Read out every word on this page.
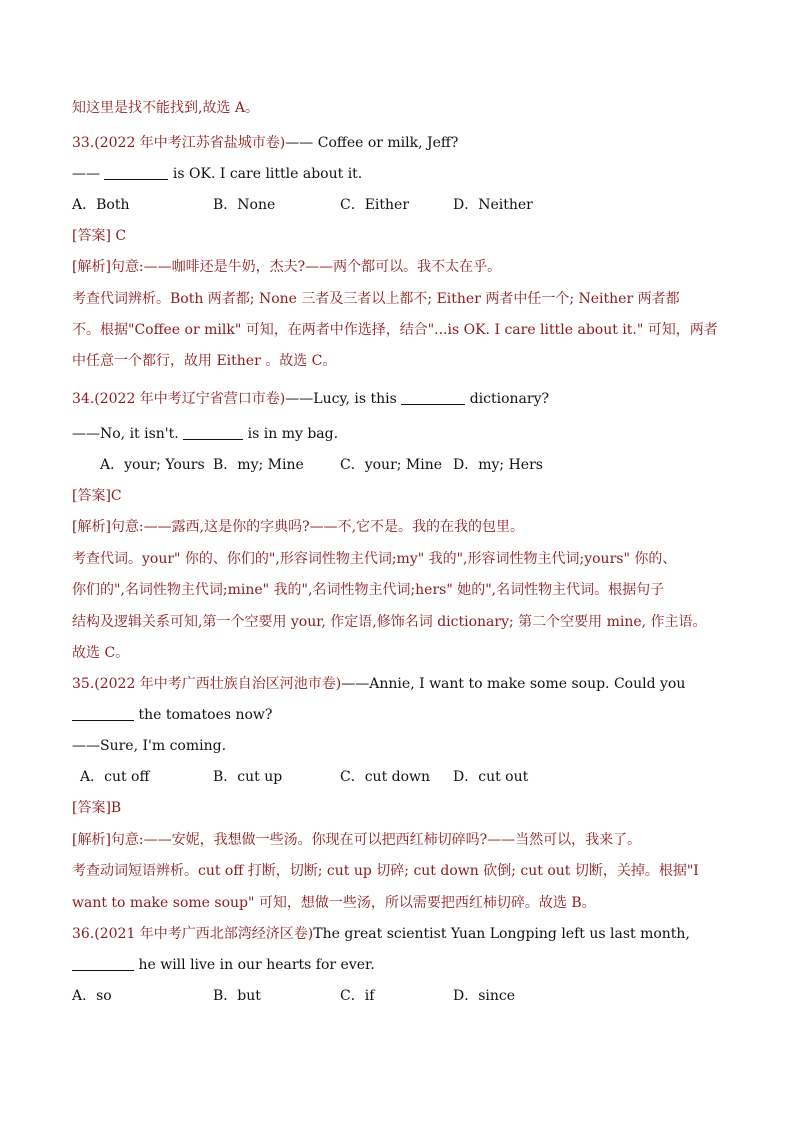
知这里是找不能找到,故选 A。
33.(2022 年中考江苏省盐城市卷)—— Coffee or milk, Jeff?
——	is OK. I care little about it.
A．Both	B．None	C．Either	D．Neither
[答案] C
[解析]句意:——咖啡还是牛奶，杰夫?——两个都可以。我不太在乎。
考查代词辨析。Both 两者都; None 三者及三者以上都不; Either 两者中任一个; Neither 两者都
不。根据"Coffee or milk" 可知，在两者中作选择，结合"...is OK. I care little about it." 可知，两者
中任意一个都行，故用 Either 。故选 C。
34.(2022 年中考辽宁省营口市卷)——Lucy, is this	dictionary?
——No, it isn't.	is in my bag.
A．your; Yours B．my; Mine	C．your; Mine D．my; Hers
[答案]C
[解析]句意:——露西,这是你的字典吗?——不,它不是。我的在我的包里。
考查代词。your" 你的、你们的",形容词性物主代词;my" 我的",形容词性物主代词;yours" 你的、
你们的",名词性物主代词;mine" 我的",名词性物主代词;hers" 她的",名词性物主代词。根据句子
结构及逻辑关系可知,第一个空要用 your, 作定语,修饰名词 dictionary; 第二个空要用 mine, 作主语。
故选 C。
35.(2022 年中考广西壮族自治区河池市卷)——Annie, I want to make some soup. Could you
the tomatoes now?
——Sure, I'm coming.
A．cut off	B．cut up	C．cut down D．cut out
[答案]B
[解析]句意:——安妮，我想做一些汤。你现在可以把西红柿切碎吗?——当然可以，我来了。
考查动词短语辨析。cut off 打断，切断; cut up 切碎; cut down 砍倒; cut out 切断，关掉。根据"I
want to make some soup" 可知，想做一些汤，所以需要把西红柿切碎。故选 B。
36.(2021 年中考广西北部湾经济区卷)The great scientist Yuan Longping left us last month,
he will live in our hearts for ever.
A．so	B．but	C．if	D．since
